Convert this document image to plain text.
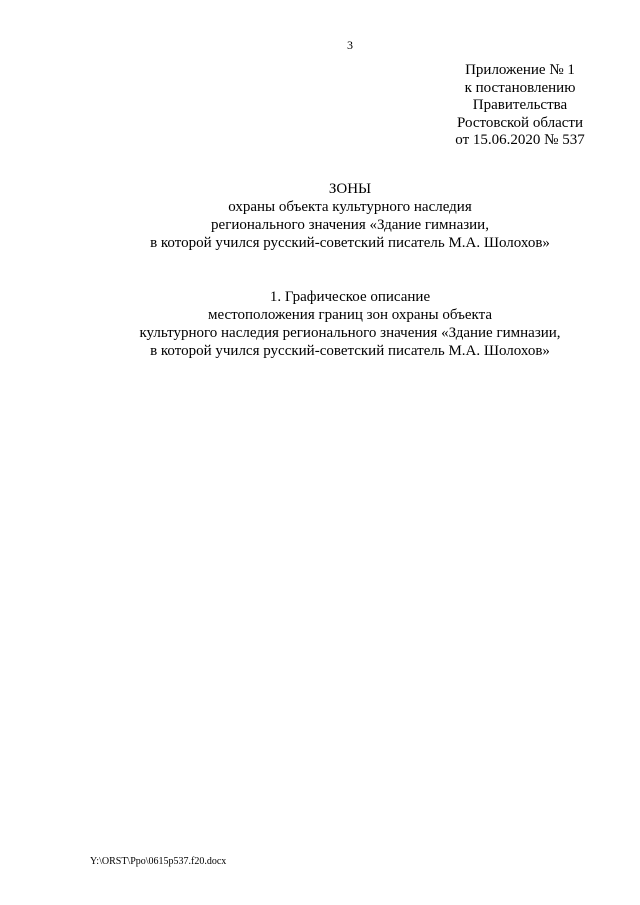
3
Приложение № 1
к постановлению
Правительства
Ростовской области
от 15.06.2020 № 537
ЗОНЫ
охраны объекта культурного наследия
регионального значения «Здание гимназии,
в которой учился русский-советский писатель М.А. Шолохов»
1. Графическое описание
местоположения границ зон охраны объекта
культурного наследия регионального значения «Здание гимназии,
в которой учился русский-советский писатель М.А. Шолохов»
Y:\ORST\Ppo\0615p537.f20.docx
